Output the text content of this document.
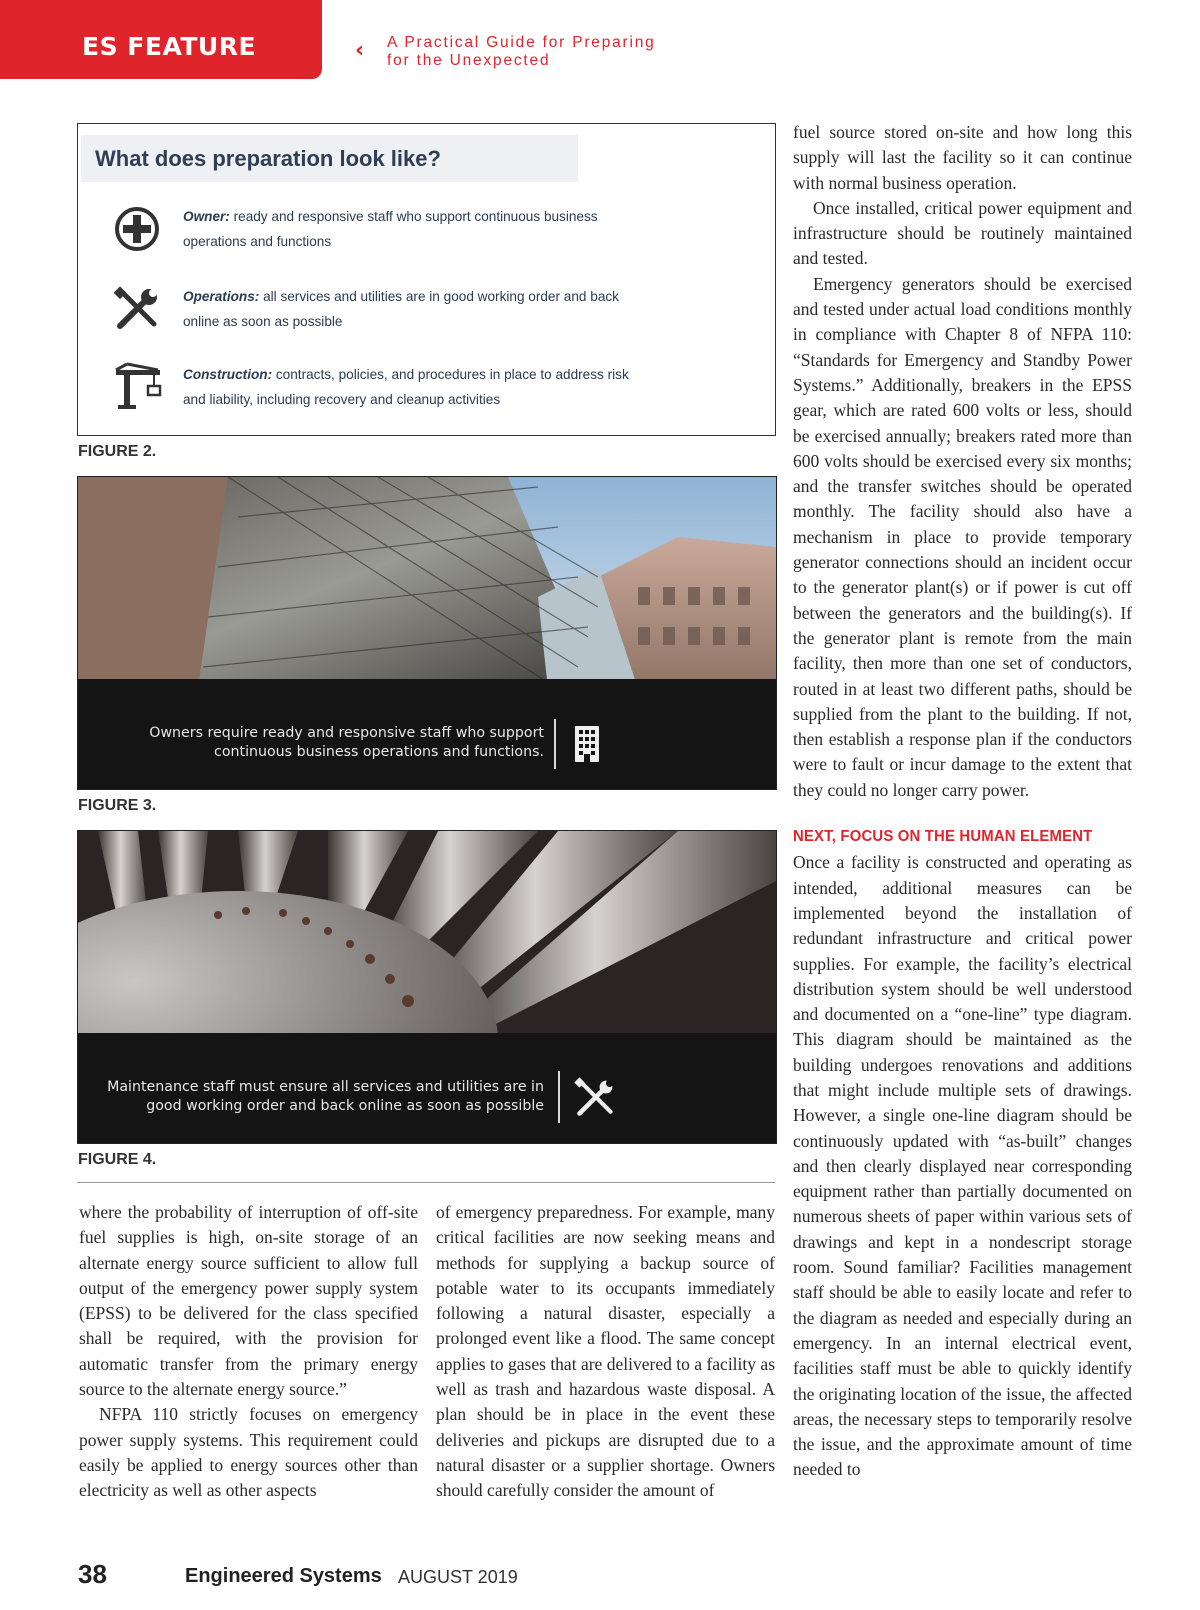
ES FEATURE	‹ A Practical Guide for Preparing
for the Unexpected
What does preparation look like?
Owner: ready and responsive staff who support continuous business
operations and functions
Operations: all services and utilities are in good working order and back
online as soon as possible
Construction: contracts, policies, and procedures in place to address risk
and liability, including recovery and cleanup activities
FIGURE 2.
Owners require ready and responsive staff who support
continuous business operations and functions.
FIGURE 3.
Maintenance staff must ensure all services and utilities are in
good working order and back online as soon as possible
FIGURE 4.

where the probability of interruption of off-site fuel supplies is high, on-site storage of an alternate energy source sufficient to allow full output of the emergency power supply system (EPSS) to be delivered for the class specified shall be required, with the provision for automatic transfer from the primary energy source to the alternate energy source.”

NFPA 110 strictly focuses on emergency power supply systems. This requirement could easily be applied to energy sources other than electricity as well as other aspects

of emergency preparedness. For example, many critical facilities are now seeking means and methods for supplying a backup source of potable water to its occupants immediately following a natural disaster, especially a prolonged event like a flood. The same concept applies to gases that are delivered to a facility as well as trash and hazardous waste disposal. A plan should be in place in the event these deliveries and pickups are disrupted due to a natural disaster or a supplier shortage. Owners should carefully consider the amount of

fuel source stored on-site and how long this supply will last the facility so it can continue with normal business operation.

Once installed, critical power equipment and infrastructure should be routinely maintained and tested.

Emergency generators should be exercised and tested under actual load conditions monthly in compliance with Chapter 8 of NFPA 110: “Standards for Emergency and Standby Power Systems.” Additionally, breakers in the EPSS gear, which are rated 600 volts or less, should be exercised annually; breakers rated more than 600 volts should be exercised every six months; and the transfer switches should be operated monthly. The facility should also have a mechanism in place to provide temporary generator connections should an incident occur to the generator plant(s) or if power is cut off between the generators and the building(s). If the generator plant is remote from the main facility, then more than one set of conductors, routed in at least two different paths, should be supplied from the plant to the building. If not, then establish a response plan if the conductors were to fault or incur damage to the extent that they could no longer carry power.

NEXT, FOCUS ON THE HUMAN ELEMENT

Once a facility is constructed and operating as intended, additional measures can be implemented beyond the installation of redundant infrastructure and critical power supplies. For example, the facility’s electrical distribution system should be well understood and documented on a “one-line” type diagram. This diagram should be maintained as the building undergoes renovations and additions that might include multiple sets of drawings. However, a single one-line diagram should be continuously updated with “as-built” changes and then clearly displayed near corresponding equipment rather than partially documented on numerous sheets of paper within various sets of drawings and kept in a nondescript storage room. Sound familiar? Facilities management staff should be able to easily locate and refer to the diagram as needed and especially during an emergency. In an internal electrical event, facilities staff must be able to quickly identify the originating location of the issue, the affected areas, the necessary steps to temporarily resolve the issue, and the approximate amount of time needed to

38	Engineered Systems AUGUST 2019
